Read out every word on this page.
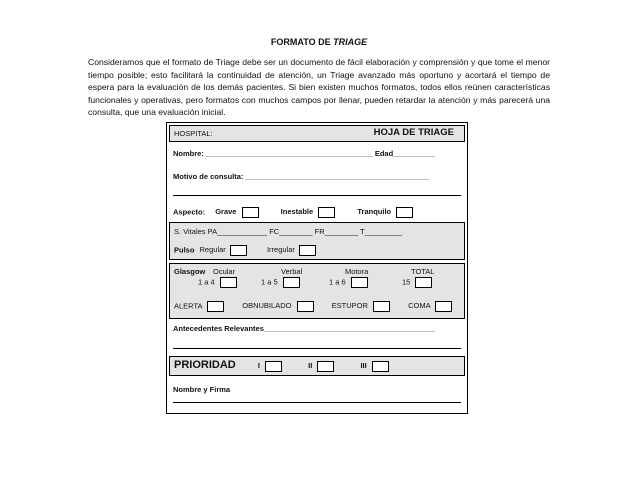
FORMATO DE TRIAGE
Consideramos que el formato de Triage debe ser un documento de fácil elaboración y comprensión y que tome el menor tiempo posible; esto facilitará la continuidad de atención, un Triage avanzado más oportuno y acortará el tiempo de espera para la evaluación de los demás pacientes. Si bien existen muchos formatos, todos ellos reúnen características funcionales y operativas, pero formatos con muchos campos por llenar, pueden retardar la atención y más parecerá una consulta, que una evaluación inicial.
HOSPITAL:	HOJA DE TRIAGE
Nombre: ________________________________________ Edad__________
Motivo de consulta: ____________________________________________
Aspecto: Grave	Inestable	Tranquilo
S. Vitales PA____________ FC________ FR________ T_________
Pulso Regular	Irregular
Glasgow Ocular	Verbal	Motora	TOTAL
1 a 4	1 a 5	1 a 6	15
ALERTA	OBNUBILADO	ESTUPOR	COMA
Antecedentes Relevantes_________________________________________
PRIORIDAD	I	II	III
Nombre y Firma
